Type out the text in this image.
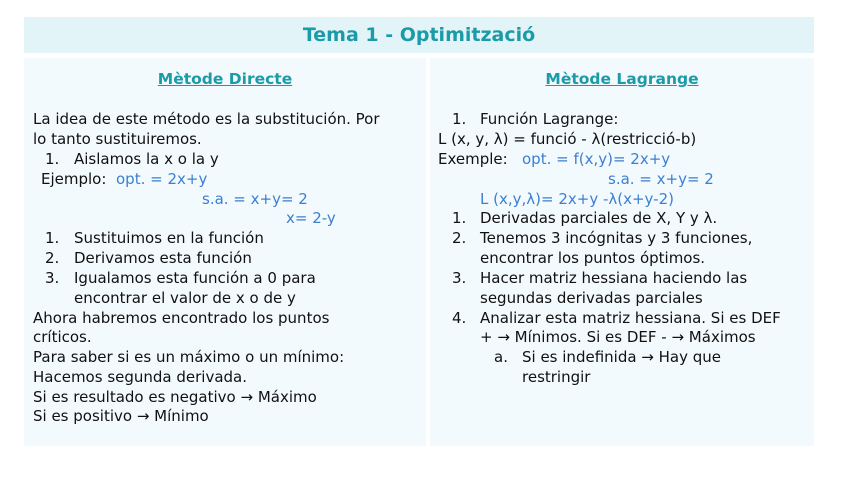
Tema 1 - Optimització
Mètode Directe
La idea de este método es la substitución. Por
lo tanto sustituiremos.
1. Aislamos la x o la y
Ejemplo: opt. = 2x+y
s.a. = x+y= 2
x= 2-y
1. Sustituimos en la función
2. Derivamos esta función
3. Igualamos esta función a 0 para
encontrar el valor de x o de y
Ahora habremos encontrado los puntos
críticos.
Para saber si es un máximo o un mínimo:
Hacemos segunda derivada.
Si es resultado es negativo → Máximo
Si es positivo → Mínimo
Mètode Lagrange
1. Función Lagrange:
L (x, y, λ) = funció - λ(restricció-b)
Exemple: opt. = f(x,y)= 2x+y
s.a. = x+y= 2
L (x,y,λ)= 2x+y -λ(x+y-2)
1. Derivadas parciales de X, Y y λ.
2. Tenemos 3 incógnitas y 3 funciones,
encontrar los puntos óptimos.
3. Hacer matriz hessiana haciendo las
segundas derivadas parciales
4. Analizar esta matriz hessiana. Si es DEF
+ → Mínimos. Si es DEF - → Máximos
a. Si es indefinida → Hay que
restringir
